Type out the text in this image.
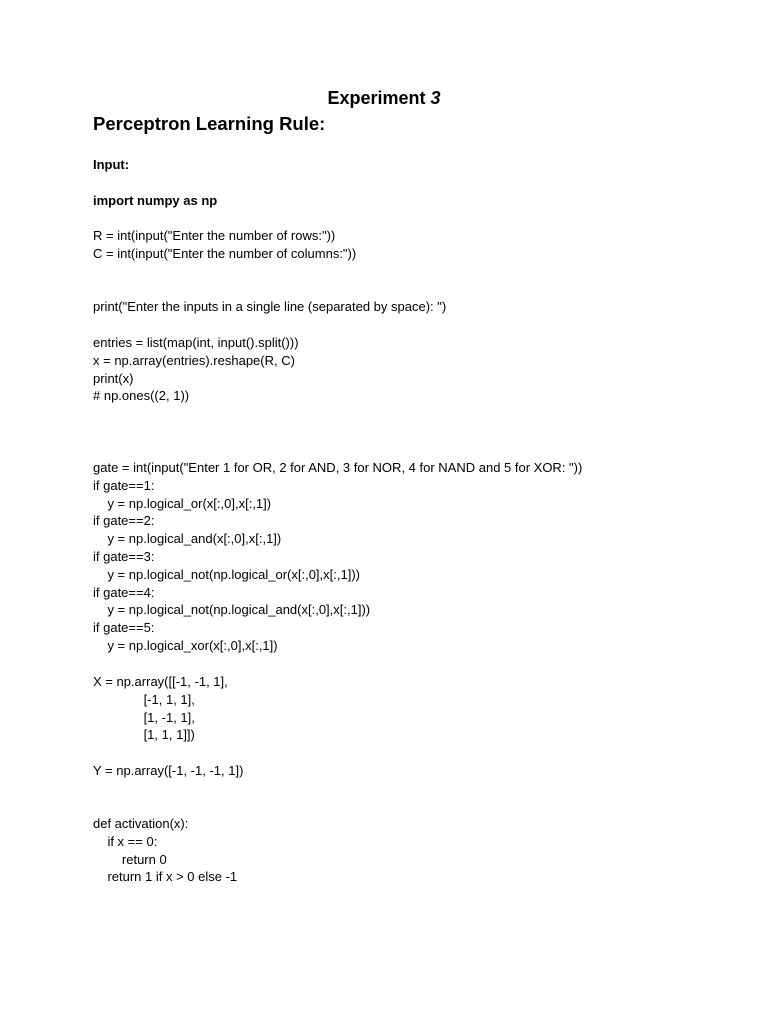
Experiment 3
Perceptron Learning Rule:
Input:
import numpy as np
R = int(input("Enter the number of rows:"))
C = int(input("Enter the number of columns:"))
print("Enter the inputs in a single line (separated by space): ")
entries = list(map(int, input().split()))
x = np.array(entries).reshape(R, C)
print(x)
# np.ones((2, 1))
gate = int(input("Enter 1 for OR, 2 for AND, 3 for NOR, 4 for NAND and 5 for XOR: "))
if gate==1:
y = np.logical_or(x[:,0],x[:,1])
if gate==2:
y = np.logical_and(x[:,0],x[:,1])
if gate==3:
y = np.logical_not(np.logical_or(x[:,0],x[:,1]))
if gate==4:
y = np.logical_not(np.logical_and(x[:,0],x[:,1]))
if gate==5:
y = np.logical_xor(x[:,0],x[:,1])
X = np.array([[-1, -1, 1],
[-1, 1, 1],
[1, -1, 1],
[1, 1, 1]])
Y = np.array([-1, -1, -1, 1])
def activation(x):
if x == 0:
return 0
return 1 if x > 0 else -1
